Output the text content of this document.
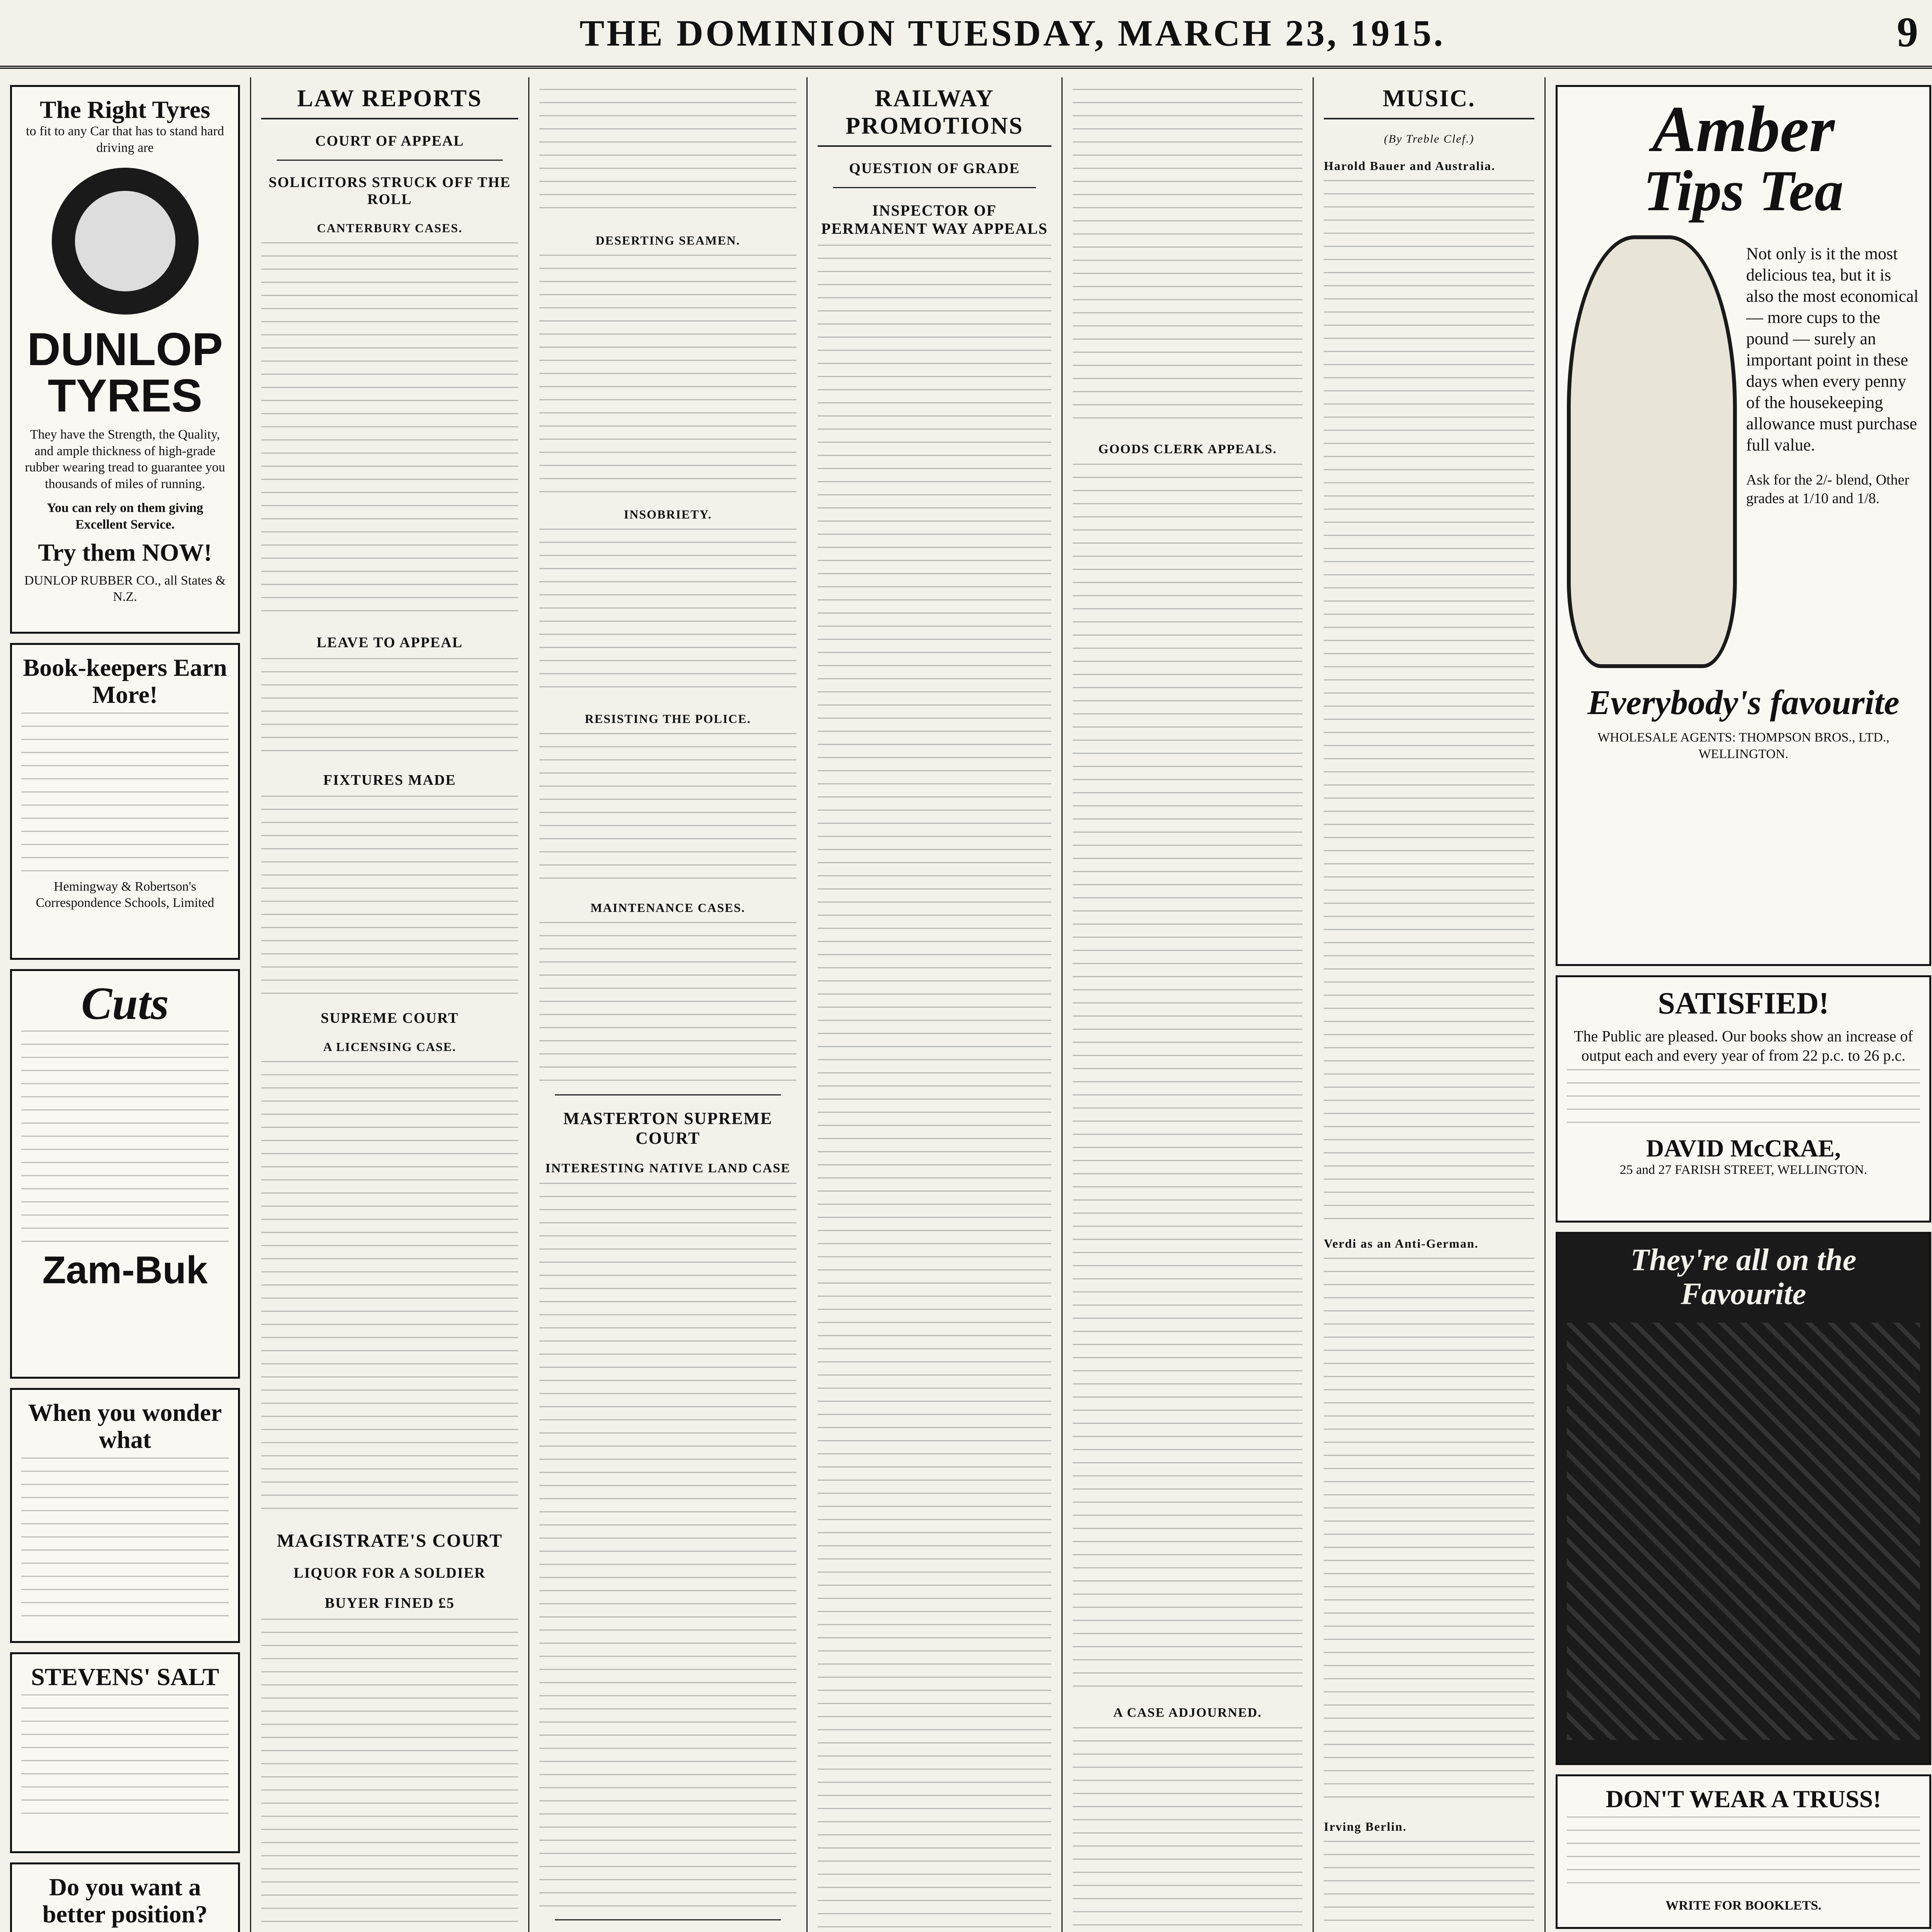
THE DOMINION TUESDAY, MARCH 23, 1915.	9
The Right Tyres
to fit to any Car that has to stand hard driving are
DUNLOP
TYRES
They have the Strength, the Quality, and ample thickness of high-grade rubber wearing tread to guarantee you thousands of miles of running.
You can rely on them giving Excellent Service.
Try them NOW!
DUNLOP RUBBER CO., all States & N.Z.
Book-keepers Earn More!
Hemingway & Robertson's Correspondence Schools, Limited
Cuts
Zam-Buk
When you wonder what
STEVENS' SALT
Do you want a better position?
LAW REPORTS
COURT OF APPEAL
SOLICITORS STRUCK OFF THE ROLL
CANTERBURY CASES.
LEAVE TO APPEAL
FIXTURES MADE
SUPREME COURT
A LICENSING CASE.
MAGISTRATE'S COURT
LIQUOR FOR A SOLDIER
BUYER FINED £5
DESERTING SEAMEN.
INSOBRIETY.
RESISTING THE POLICE.
MAINTENANCE CASES.
MASTERTON SUPREME COURT
INTERESTING NATIVE LAND CASE
RAILWAY PROMOTIONS
QUESTION OF GRADE
INSPECTOR OF PERMANENT WAY APPEALS
GOODS CLERK APPEALS.
A CASE ADJOURNED.
MUSIC.
(By Treble Clef.)
Harold Bauer and Australia.
Verdi as an Anti-German.
Irving Berlin.
Amber
Tips Tea
Not only is it the most delicious tea, but it is also the most economical — more cups to the pound — surely an important point in these days when every penny of the housekeeping allowance must purchase full value.
Ask for the 2/- blend, Other grades at 1/10 and 1/8.
Everybody's favourite
WHOLESALE AGENTS: THOMPSON BROS., LTD., WELLINGTON.
SATISFIED!
The Public are pleased. Our books show an increase of output each and every year of from 22 p.c. to 26 p.c.
DAVID McCRAE,
25 and 27 FARISH STREET, WELLINGTON.
They're all on the Favourite
DON'T WEAR A TRUSS!
WRITE FOR BOOKLETS.
